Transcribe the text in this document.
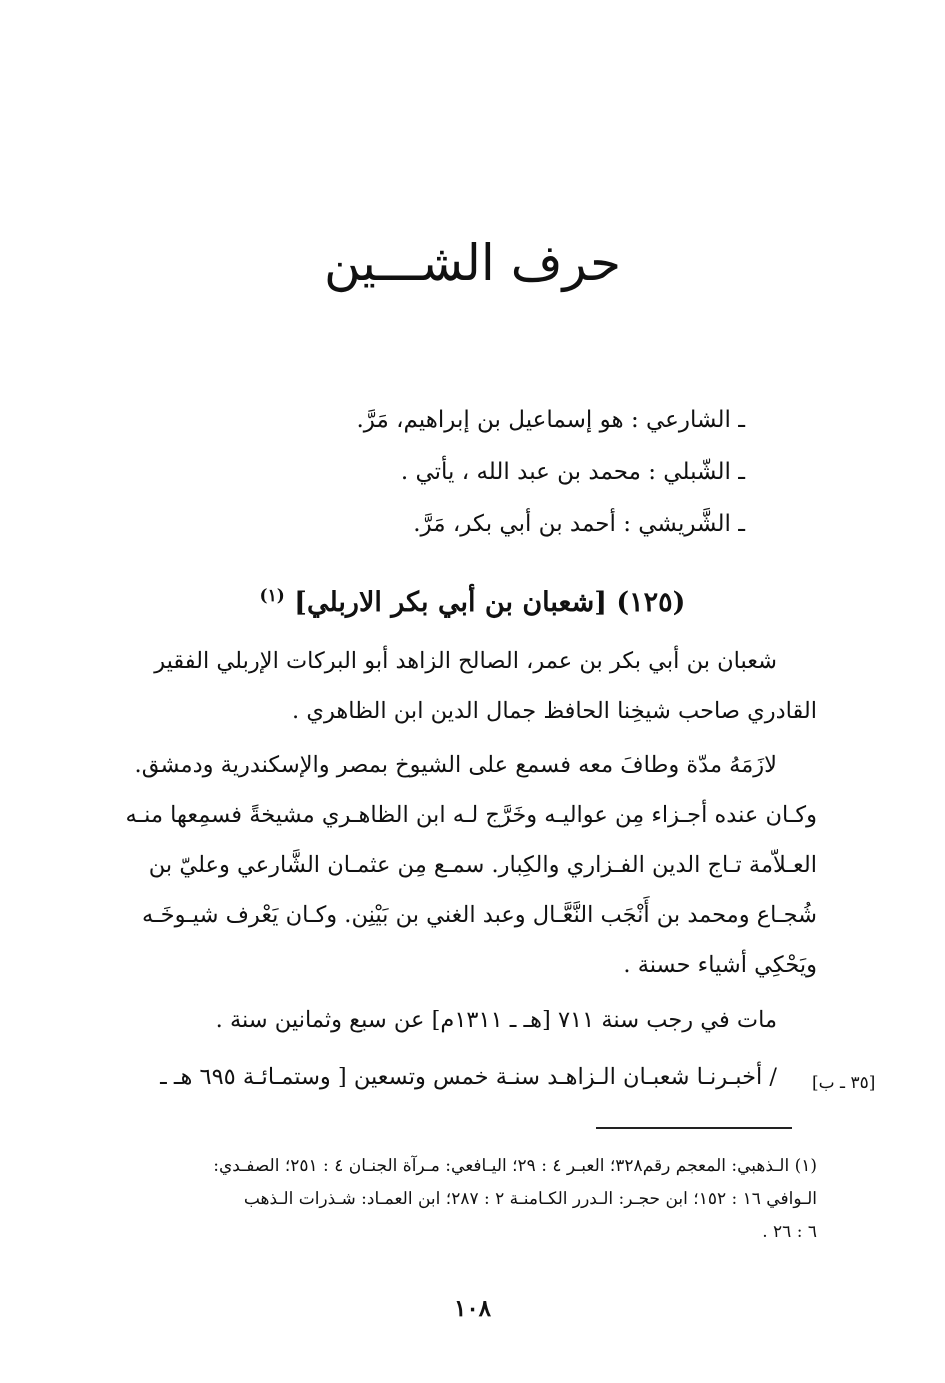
حرف الشـــين
ـ الشارعي : هو إسماعيل بن إبراهيم، مَرَّ.
ـ الشّبلي : محمد بن عبد الله ، يأتي .
ـ الشَّريشي : أحمد بن أبي بكر، مَرَّ.
(١٢٥) [شعبان بن أبي بكر الاربلي] $^{(١)}$
شعبان بن أبي بكر بن عمر، الصالح الزاهد أبو البركات الإربلي الفقير
القادري صاحب شيخِنا الحافظ جمال الدين ابن الظاهري .
لازَمَهُ مدّة وطافَ معه فسمع على الشيوخ بمصر والإسكندرية ودمشق.
وكـان عنده أجـزاء مِن عواليـه وخَرَّج لـه ابن الظاهـري مشيخةً فسمِعها منـه
العـلاّمة تـاج الدين الفـزاري والكِبار. سمـع مِن عثمـان الشَّارعي وعليّ بن
شُجـاع ومحمد بن أَنْجَب النَّعَّـال وعبد الغني بن بَيْنِن. وكـان يَعْرف شيـوخَـه
ويَحْكِي أشياء حسنة .
مات في رجب سنة ٧١١ [هـ ـ ١٣١١م] عن سبع وثمانين سنة .
/ أخبـرنـا شعبـان الـزاهـد سنـة خمس وتسعين [ وستمـائـة ٦٩٥ هـ ـ	[٣٥ ـ ب]
(١) الـذهبي: المعجم رقم٣٢٨؛ العبـر ٤ : ٢٩؛ اليـافعي: مـرآة الجنـان ٤ : ٢٥١؛ الصفـدي:
الـوافي ١٦ : ١٥٢؛ ابن حجـر: الـدرر الكـامنـة ٢ : ٢٨٧؛ ابن العمـاد: شـذرات الـذهب
٦ : ٢٦ .
١٠٨
